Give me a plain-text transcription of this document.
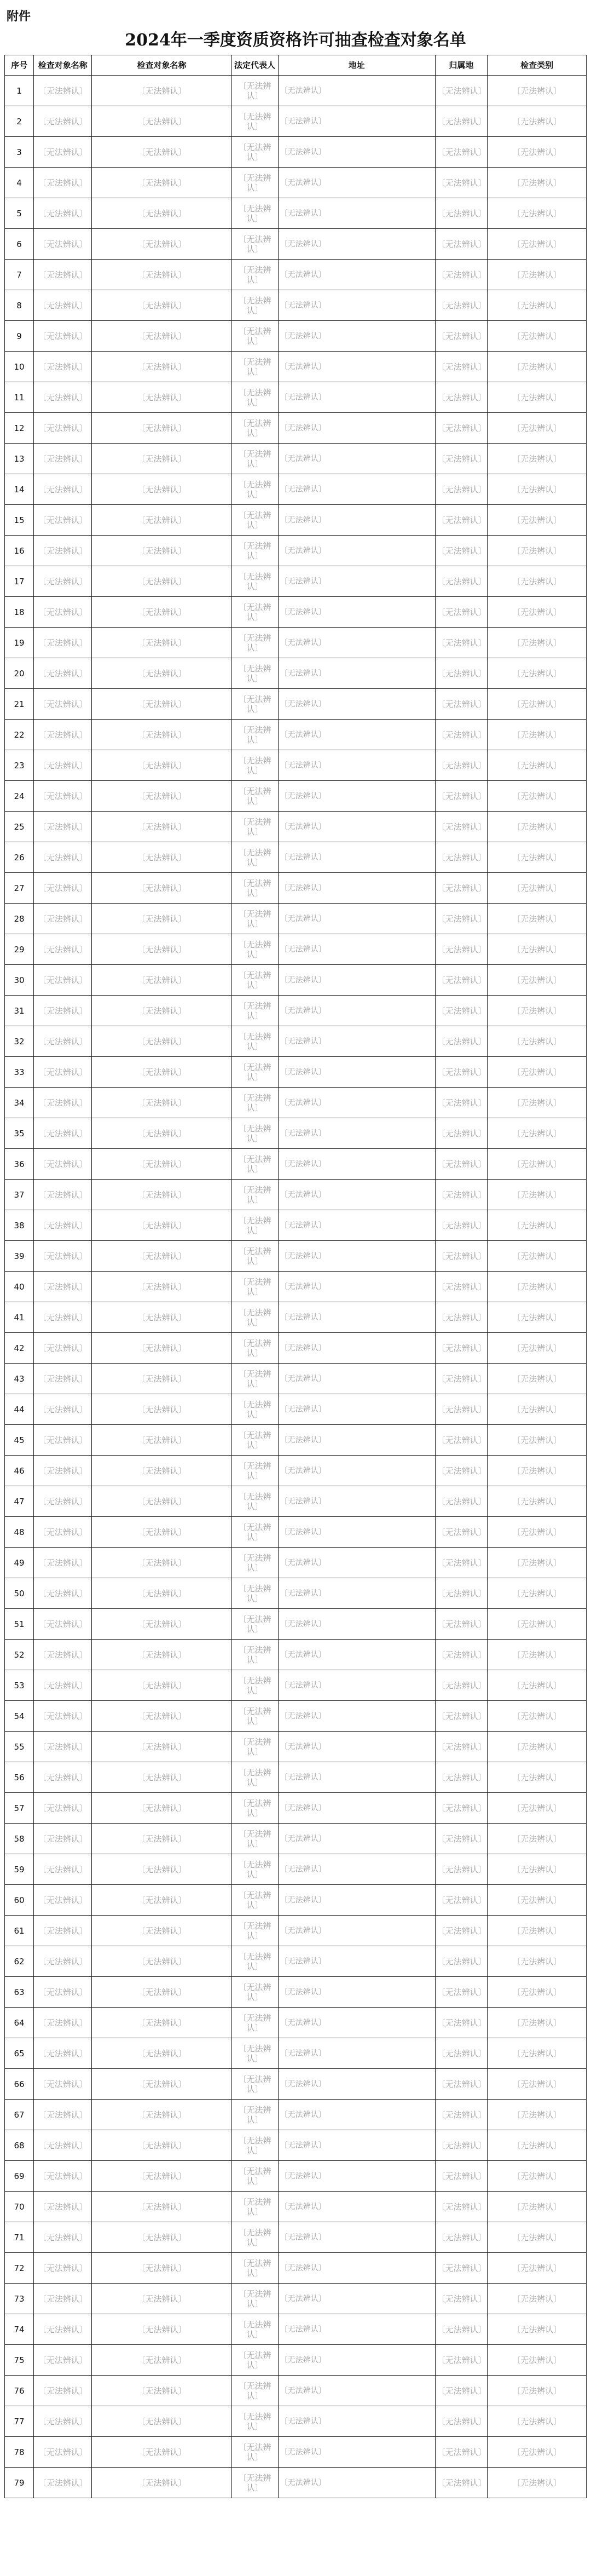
附件
2024年一季度资质资格许可抽查检查对象名单
序号	检查对象名称	检查对象名称	法定代表人	地址	归属地	检查类别
1	〔无法辨认〕	〔无法辨认〕	〔无法辨认〕	〔无法辨认〕	〔无法辨认〕	〔无法辨认〕
2	〔无法辨认〕	〔无法辨认〕	〔无法辨认〕	〔无法辨认〕	〔无法辨认〕	〔无法辨认〕
3	〔无法辨认〕	〔无法辨认〕	〔无法辨认〕	〔无法辨认〕	〔无法辨认〕	〔无法辨认〕
4	〔无法辨认〕	〔无法辨认〕	〔无法辨认〕	〔无法辨认〕	〔无法辨认〕	〔无法辨认〕
5	〔无法辨认〕	〔无法辨认〕	〔无法辨认〕	〔无法辨认〕	〔无法辨认〕	〔无法辨认〕
6	〔无法辨认〕	〔无法辨认〕	〔无法辨认〕	〔无法辨认〕	〔无法辨认〕	〔无法辨认〕
7	〔无法辨认〕	〔无法辨认〕	〔无法辨认〕	〔无法辨认〕	〔无法辨认〕	〔无法辨认〕
8	〔无法辨认〕	〔无法辨认〕	〔无法辨认〕	〔无法辨认〕	〔无法辨认〕	〔无法辨认〕
9	〔无法辨认〕	〔无法辨认〕	〔无法辨认〕	〔无法辨认〕	〔无法辨认〕	〔无法辨认〕
10	〔无法辨认〕	〔无法辨认〕	〔无法辨认〕	〔无法辨认〕	〔无法辨认〕	〔无法辨认〕
11	〔无法辨认〕	〔无法辨认〕	〔无法辨认〕	〔无法辨认〕	〔无法辨认〕	〔无法辨认〕
12	〔无法辨认〕	〔无法辨认〕	〔无法辨认〕	〔无法辨认〕	〔无法辨认〕	〔无法辨认〕
13	〔无法辨认〕	〔无法辨认〕	〔无法辨认〕	〔无法辨认〕	〔无法辨认〕	〔无法辨认〕
14	〔无法辨认〕	〔无法辨认〕	〔无法辨认〕	〔无法辨认〕	〔无法辨认〕	〔无法辨认〕
15	〔无法辨认〕	〔无法辨认〕	〔无法辨认〕	〔无法辨认〕	〔无法辨认〕	〔无法辨认〕
16	〔无法辨认〕	〔无法辨认〕	〔无法辨认〕	〔无法辨认〕	〔无法辨认〕	〔无法辨认〕
17	〔无法辨认〕	〔无法辨认〕	〔无法辨认〕	〔无法辨认〕	〔无法辨认〕	〔无法辨认〕
18	〔无法辨认〕	〔无法辨认〕	〔无法辨认〕	〔无法辨认〕	〔无法辨认〕	〔无法辨认〕
19	〔无法辨认〕	〔无法辨认〕	〔无法辨认〕	〔无法辨认〕	〔无法辨认〕	〔无法辨认〕
20	〔无法辨认〕	〔无法辨认〕	〔无法辨认〕	〔无法辨认〕	〔无法辨认〕	〔无法辨认〕
21	〔无法辨认〕	〔无法辨认〕	〔无法辨认〕	〔无法辨认〕	〔无法辨认〕	〔无法辨认〕
22	〔无法辨认〕	〔无法辨认〕	〔无法辨认〕	〔无法辨认〕	〔无法辨认〕	〔无法辨认〕
23	〔无法辨认〕	〔无法辨认〕	〔无法辨认〕	〔无法辨认〕	〔无法辨认〕	〔无法辨认〕
24	〔无法辨认〕	〔无法辨认〕	〔无法辨认〕	〔无法辨认〕	〔无法辨认〕	〔无法辨认〕
25	〔无法辨认〕	〔无法辨认〕	〔无法辨认〕	〔无法辨认〕	〔无法辨认〕	〔无法辨认〕
26	〔无法辨认〕	〔无法辨认〕	〔无法辨认〕	〔无法辨认〕	〔无法辨认〕	〔无法辨认〕
27	〔无法辨认〕	〔无法辨认〕	〔无法辨认〕	〔无法辨认〕	〔无法辨认〕	〔无法辨认〕
28	〔无法辨认〕	〔无法辨认〕	〔无法辨认〕	〔无法辨认〕	〔无法辨认〕	〔无法辨认〕
29	〔无法辨认〕	〔无法辨认〕	〔无法辨认〕	〔无法辨认〕	〔无法辨认〕	〔无法辨认〕
30	〔无法辨认〕	〔无法辨认〕	〔无法辨认〕	〔无法辨认〕	〔无法辨认〕	〔无法辨认〕
31	〔无法辨认〕	〔无法辨认〕	〔无法辨认〕	〔无法辨认〕	〔无法辨认〕	〔无法辨认〕
32	〔无法辨认〕	〔无法辨认〕	〔无法辨认〕	〔无法辨认〕	〔无法辨认〕	〔无法辨认〕
33	〔无法辨认〕	〔无法辨认〕	〔无法辨认〕	〔无法辨认〕	〔无法辨认〕	〔无法辨认〕
34	〔无法辨认〕	〔无法辨认〕	〔无法辨认〕	〔无法辨认〕	〔无法辨认〕	〔无法辨认〕
35	〔无法辨认〕	〔无法辨认〕	〔无法辨认〕	〔无法辨认〕	〔无法辨认〕	〔无法辨认〕
36	〔无法辨认〕	〔无法辨认〕	〔无法辨认〕	〔无法辨认〕	〔无法辨认〕	〔无法辨认〕
37	〔无法辨认〕	〔无法辨认〕	〔无法辨认〕	〔无法辨认〕	〔无法辨认〕	〔无法辨认〕
38	〔无法辨认〕	〔无法辨认〕	〔无法辨认〕	〔无法辨认〕	〔无法辨认〕	〔无法辨认〕
39	〔无法辨认〕	〔无法辨认〕	〔无法辨认〕	〔无法辨认〕	〔无法辨认〕	〔无法辨认〕
40	〔无法辨认〕	〔无法辨认〕	〔无法辨认〕	〔无法辨认〕	〔无法辨认〕	〔无法辨认〕
41	〔无法辨认〕	〔无法辨认〕	〔无法辨认〕	〔无法辨认〕	〔无法辨认〕	〔无法辨认〕
42	〔无法辨认〕	〔无法辨认〕	〔无法辨认〕	〔无法辨认〕	〔无法辨认〕	〔无法辨认〕
43	〔无法辨认〕	〔无法辨认〕	〔无法辨认〕	〔无法辨认〕	〔无法辨认〕	〔无法辨认〕
44	〔无法辨认〕	〔无法辨认〕	〔无法辨认〕	〔无法辨认〕	〔无法辨认〕	〔无法辨认〕
45	〔无法辨认〕	〔无法辨认〕	〔无法辨认〕	〔无法辨认〕	〔无法辨认〕	〔无法辨认〕
46	〔无法辨认〕	〔无法辨认〕	〔无法辨认〕	〔无法辨认〕	〔无法辨认〕	〔无法辨认〕
47	〔无法辨认〕	〔无法辨认〕	〔无法辨认〕	〔无法辨认〕	〔无法辨认〕	〔无法辨认〕
48	〔无法辨认〕	〔无法辨认〕	〔无法辨认〕	〔无法辨认〕	〔无法辨认〕	〔无法辨认〕
49	〔无法辨认〕	〔无法辨认〕	〔无法辨认〕	〔无法辨认〕	〔无法辨认〕	〔无法辨认〕
50	〔无法辨认〕	〔无法辨认〕	〔无法辨认〕	〔无法辨认〕	〔无法辨认〕	〔无法辨认〕
51	〔无法辨认〕	〔无法辨认〕	〔无法辨认〕	〔无法辨认〕	〔无法辨认〕	〔无法辨认〕
52	〔无法辨认〕	〔无法辨认〕	〔无法辨认〕	〔无法辨认〕	〔无法辨认〕	〔无法辨认〕
53	〔无法辨认〕	〔无法辨认〕	〔无法辨认〕	〔无法辨认〕	〔无法辨认〕	〔无法辨认〕
54	〔无法辨认〕	〔无法辨认〕	〔无法辨认〕	〔无法辨认〕	〔无法辨认〕	〔无法辨认〕
55	〔无法辨认〕	〔无法辨认〕	〔无法辨认〕	〔无法辨认〕	〔无法辨认〕	〔无法辨认〕
56	〔无法辨认〕	〔无法辨认〕	〔无法辨认〕	〔无法辨认〕	〔无法辨认〕	〔无法辨认〕
57	〔无法辨认〕	〔无法辨认〕	〔无法辨认〕	〔无法辨认〕	〔无法辨认〕	〔无法辨认〕
58	〔无法辨认〕	〔无法辨认〕	〔无法辨认〕	〔无法辨认〕	〔无法辨认〕	〔无法辨认〕
59	〔无法辨认〕	〔无法辨认〕	〔无法辨认〕	〔无法辨认〕	〔无法辨认〕	〔无法辨认〕
60	〔无法辨认〕	〔无法辨认〕	〔无法辨认〕	〔无法辨认〕	〔无法辨认〕	〔无法辨认〕
61	〔无法辨认〕	〔无法辨认〕	〔无法辨认〕	〔无法辨认〕	〔无法辨认〕	〔无法辨认〕
62	〔无法辨认〕	〔无法辨认〕	〔无法辨认〕	〔无法辨认〕	〔无法辨认〕	〔无法辨认〕
63	〔无法辨认〕	〔无法辨认〕	〔无法辨认〕	〔无法辨认〕	〔无法辨认〕	〔无法辨认〕
64	〔无法辨认〕	〔无法辨认〕	〔无法辨认〕	〔无法辨认〕	〔无法辨认〕	〔无法辨认〕
65	〔无法辨认〕	〔无法辨认〕	〔无法辨认〕	〔无法辨认〕	〔无法辨认〕	〔无法辨认〕
66	〔无法辨认〕	〔无法辨认〕	〔无法辨认〕	〔无法辨认〕	〔无法辨认〕	〔无法辨认〕
67	〔无法辨认〕	〔无法辨认〕	〔无法辨认〕	〔无法辨认〕	〔无法辨认〕	〔无法辨认〕
68	〔无法辨认〕	〔无法辨认〕	〔无法辨认〕	〔无法辨认〕	〔无法辨认〕	〔无法辨认〕
69	〔无法辨认〕	〔无法辨认〕	〔无法辨认〕	〔无法辨认〕	〔无法辨认〕	〔无法辨认〕
70	〔无法辨认〕	〔无法辨认〕	〔无法辨认〕	〔无法辨认〕	〔无法辨认〕	〔无法辨认〕
71	〔无法辨认〕	〔无法辨认〕	〔无法辨认〕	〔无法辨认〕	〔无法辨认〕	〔无法辨认〕
72	〔无法辨认〕	〔无法辨认〕	〔无法辨认〕	〔无法辨认〕	〔无法辨认〕	〔无法辨认〕
73	〔无法辨认〕	〔无法辨认〕	〔无法辨认〕	〔无法辨认〕	〔无法辨认〕	〔无法辨认〕
74	〔无法辨认〕	〔无法辨认〕	〔无法辨认〕	〔无法辨认〕	〔无法辨认〕	〔无法辨认〕
75	〔无法辨认〕	〔无法辨认〕	〔无法辨认〕	〔无法辨认〕	〔无法辨认〕	〔无法辨认〕
76	〔无法辨认〕	〔无法辨认〕	〔无法辨认〕	〔无法辨认〕	〔无法辨认〕	〔无法辨认〕
77	〔无法辨认〕	〔无法辨认〕	〔无法辨认〕	〔无法辨认〕	〔无法辨认〕	〔无法辨认〕
78	〔无法辨认〕	〔无法辨认〕	〔无法辨认〕	〔无法辨认〕	〔无法辨认〕	〔无法辨认〕
79	〔无法辨认〕	〔无法辨认〕	〔无法辨认〕	〔无法辨认〕	〔无法辨认〕	〔无法辨认〕
